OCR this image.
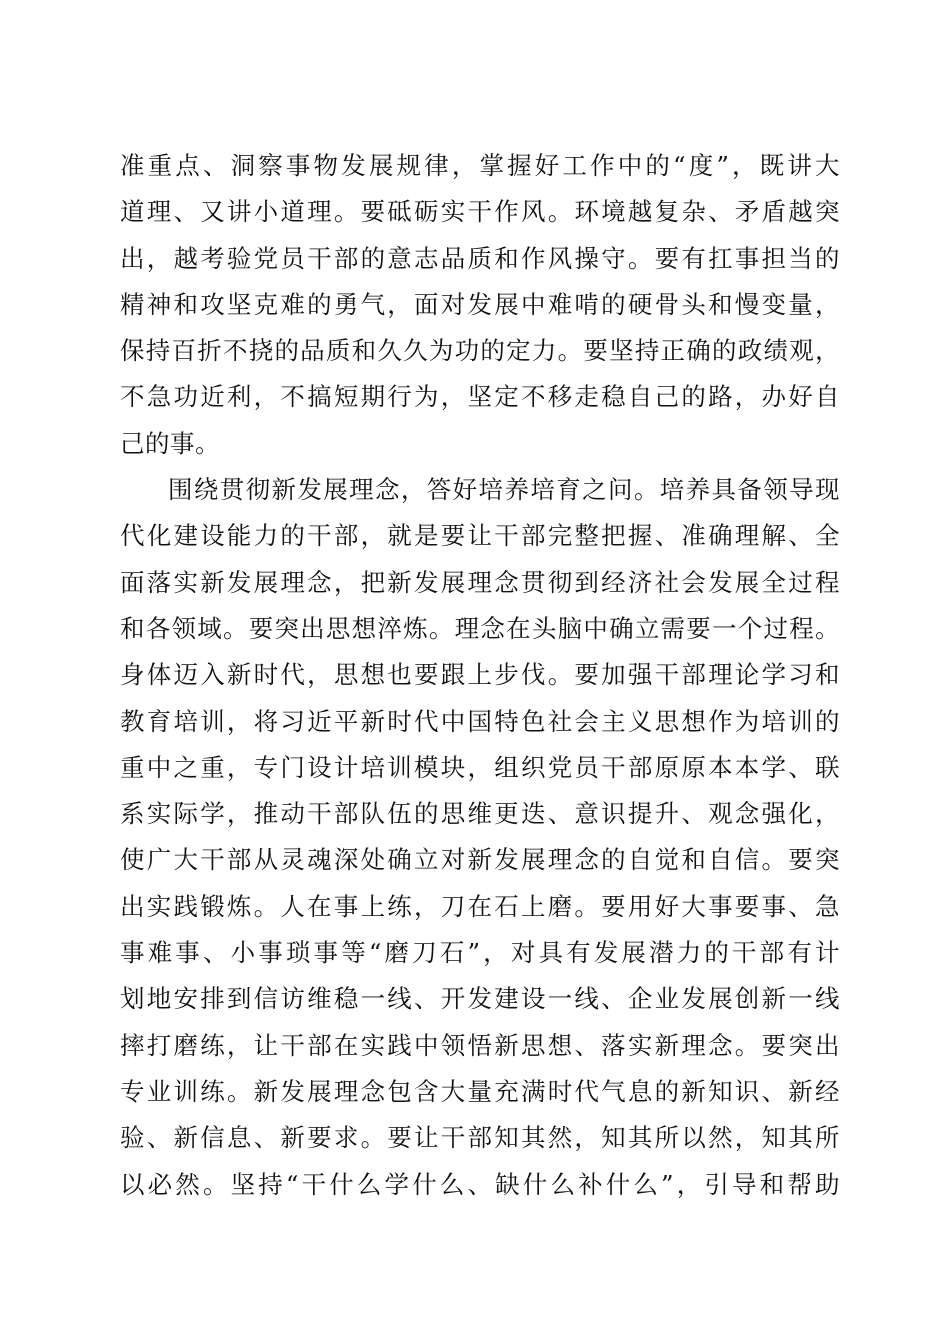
准重点、洞察事物发展规律，掌握好工作中的“度”，既讲大
道理、又讲小道理。要砥砺实干作风。环境越复杂、矛盾越突
出，越考验党员干部的意志品质和作风操守。要有扛事担当的
精神和攻坚克难的勇气，面对发展中难啃的硬骨头和慢变量，
保持百折不挠的品质和久久为功的定力。要坚持正确的政绩观，
不急功近利，不搞短期行为，坚定不移走稳自己的路，办好自
己的事。
围绕贯彻新发展理念，答好培养培育之问。培养具备领导现
代化建设能力的干部，就是要让干部完整把握、准确理解、全
面落实新发展理念，把新发展理念贯彻到经济社会发展全过程
和各领域。要突出思想淬炼。理念在头脑中确立需要一个过程。
身体迈入新时代，思想也要跟上步伐。要加强干部理论学习和
教育培训，将习近平新时代中国特色社会主义思想作为培训的
重中之重，专门设计培训模块，组织党员干部原原本本学、联
系实际学，推动干部队伍的思维更迭、意识提升、观念强化，
使广大干部从灵魂深处确立对新发展理念的自觉和自信。要突
出实践锻炼。人在事上练，刀在石上磨。要用好大事要事、急
事难事、小事琐事等“磨刀石”，对具有发展潜力的干部有计
划地安排到信访维稳一线、开发建设一线、企业发展创新一线
摔打磨练，让干部在实践中领悟新思想、落实新理念。要突出
专业训练。新发展理念包含大量充满时代气息的新知识、新经
验、新信息、新要求。要让干部知其然，知其所以然，知其所
以必然。坚持“干什么学什么、缺什么补什么”，引导和帮助
